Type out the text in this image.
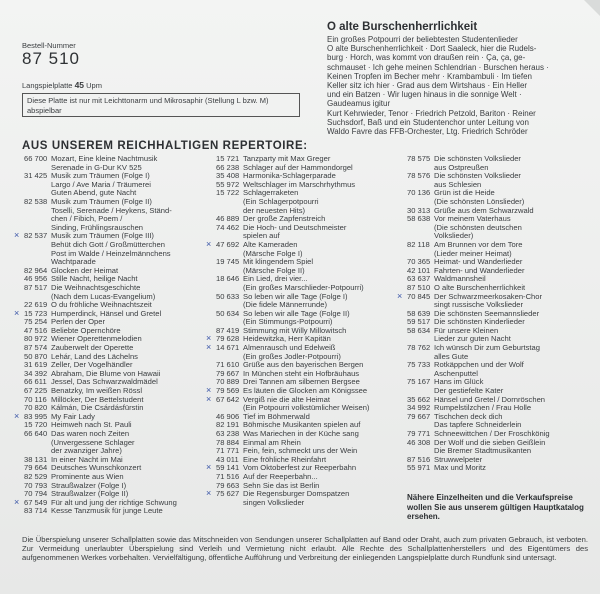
Bestell-Nummer
87 510
Langspielplatte 45 Upm
Diese Platte ist nur mit Leichttonarm und Mikrosaphir (Stellung L bzw. M) abspielbar
O alte Burschenherrlichkeit
Ein großes Potpourri der beliebtesten Studentenlieder
O alte Burschenherrlichkeit · Dort Saaleck, hier die Rudels-
burg · Horch, was kommt von draußen rein · Ça, ça, ge-
schmauset · Ich gehe meinen Schlendrian · Burschen heraus ·
Keinen Tropfen im Becher mehr · Krambambuli · Im tiefen
Keller sitz ich hier · Grad aus dem Wirtshaus · Ein Heller
und ein Batzen · Wir lugen hinaus in die sonnige Welt ·
Gaudeamus igitur
Kurt Kehrwieder, Tenor · Friedrich Petzold, Bariton · Reiner
Suchsdorf, Baß und ein Studentenchor unter Leitung von
Waldo Favre das FFB-Orchester, Ltg. Friedrich Schröder
AUS UNSEREM REICHHALTIGEN REPERTOIRE:
66 700 Mozart, Eine kleine Nachtmusik
Serenade in G-Dur KV 525
31 425 Musik zum Träumen (Folge I)
Largo / Ave Maria / Träumerei
Guten Abend, gute Nacht
82 538 Musik zum Träumen (Folge II)
Toselli, Serenade / Heykens, Ständ-
chen / Fibich, Poem /
Sinding, Frühlingsrauschen
× 82 537 Musik zum Träumen (Folge III)
Behüt dich Gott / Großmütterchen
Post im Walde / Heinzelmännchens
Wachtparade
82 964 Glocken der Heimat
46 956 Stille Nacht, heilige Nacht
87 517 Die Weihnachtsgeschichte
(Nach dem Lucas-Evangelium)
22 619 O du fröhliche Weihnachtszeit
× 15 723 Humperdinck, Hänsel und Gretel
75 254 Perlen der Oper
47 516 Beliebte Opernchöre
80 972 Wiener Operettenmelodien
87 574 Zauberwelt der Operette
50 870 Lehár, Land des Lächelns
31 619 Zeller, Der Vogelhändler
34 392 Abraham, Die Blume von Hawaii
66 611 Jessel, Das Schwarzwaldmädel
67 225 Benatzky, Im weißen Rössl
70 116 Millöcker, Der Bettelstudent
70 820 Kálmán, Die Csárdásfürstin
× 83 995 My Fair Lady
15 720 Heimweh nach St. Pauli
66 640 Das waren noch Zeiten
(Unvergessene Schlager
der zwanziger Jahre)
38 131 In einer Nacht im Mai
79 664 Deutsches Wunschkonzert
82 529 Prominente aus Wien
70 793 Straußwalzer (Folge I)
70 794 Straußwalzer (Folge II)
× 67 549 Für alt und jung der richtige Schwung
83 714 Kesse Tanzmusik für junge Leute
15 721 Tanzparty mit Max Greger
66 238 Schlager auf der Hammondorgel
35 408 Harmonika-Schlagerparade
55 972 Weltschlager im Marschrhythmus
15 722 Schlagerraketen
(Ein Schlagerpotpourri
der neuesten Hits)
46 889 Der große Zapfenstreich
74 462 Die Hoch- und Deutschmeister
spielen auf
× 47 692 Alte Kameraden
(Märsche Folge I)
19 745 Mit klingendem Spiel
(Märsche Folge II)
18 646 Ein Lied, drei vier...
(Ein großes Marschlieder-Potpourri)
50 633 So leben wir alle Tage (Folge I)
(Die fidele Männerrunde)
50 634 So leben wir alle Tage (Folge II)
(Ein Stimmungs-Potpourri)
87 419 Stimmung mit Willy Millowitsch
× 79 628 Heidewitzka, Herr Kapitän
× 14 671 Almenrausch und Edelweiß
(Ein großes Jodler-Potpourri)
71 610 Grüße aus den bayerischen Bergen
79 667 In München steht ein Hofbräuhaus
70 889 Drei Tannen am silbernen Bergsee
× 79 569 Es läuten die Glocken am Königssee
× 67 642 Vergiß nie die alte Heimat
(Ein Potpourri volkstümlicher Weisen)
46 906 Tief im Böhmerwald
82 191 Böhmische Musikanten spielen auf
63 238 Was Mariechen in der Küche sang
78 884 Einmal am Rhein
71 771 Fein, fein, schmeckt uns der Wein
43 011 Eine fröhliche Rheinfahrt
× 59 141 Vom Oktoberfest zur Reeperbahn
71 516 Auf der Reeperbahn...
79 663 Sehn Sie das ist Berlin
× 75 627 Die Regensburger Domspatzen
singen Volkslieder
78 575 Die schönsten Volkslieder
aus Ostpreußen
78 576 Die schönsten Volkslieder
aus Schlesien
70 136 Grün ist die Heide
(Die schönsten Lönslieder)
30 313 Grüße aus dem Schwarzwald
58 638 Vor meinem Vaterhaus
(Die schönsten deutschen
Volkslieder)
82 118 Am Brunnen vor dem Tore
(Lieder meiner Heimat)
70 365 Heimat- und Wanderlieder
42 101 Fahrten- und Wanderlieder
63 637 Waldmannsheil
87 510 O alte Burschenherrlichkeit
× 70 845 Der Schwarzmeerkosaken-Chor
singt russische Volkslieder
58 639 Die schönsten Seemannslieder
59 517 Die schönsten Kinderlieder
58 634 Für unsere Kleinen
Lieder zur guten Nacht
78 762 Ich wünsch Dir zum Geburtstag
alles Gute
75 733 Rotkäppchen und der Wolf
Aschenputtel
75 167 Hans im Glück
Der gestiefelte Kater
35 662 Hänsel und Gretel / Dornröschen
34 992 Rumpelstilzchen / Frau Holle
79 667 Tischchen deck dich
Das tapfere Schneiderlein
79 771 Schneewittchen / Der Froschkönig
46 308 Der Wolf und die sieben Geißlein
Die Bremer Stadtmusikanten
87 516 Struwwelpeter
55 971 Max und Moritz
Nähere Einzelheiten und die Verkaufspreise wollen Sie aus unserem gültigen Hauptkatalog ersehen.
Die Überspielung unserer Schallplatten sowie das Mitschneiden von Sendungen unserer Schallplatten auf Band oder Draht, auch zum privaten Gebrauch, ist verboten. Zur Vermeidung unerlaubter Überspielung sind Verleih und Vermietung nicht erlaubt. Alle Rechte des Schallplattenherstellers und des Eigentümers des aufgenommenen Werkes vorbehalten. Vervielfältigung, öffentliche Aufführung und Verbreitung der einliegenden Langspielplatte durch Rundfunk sind untersagt.
